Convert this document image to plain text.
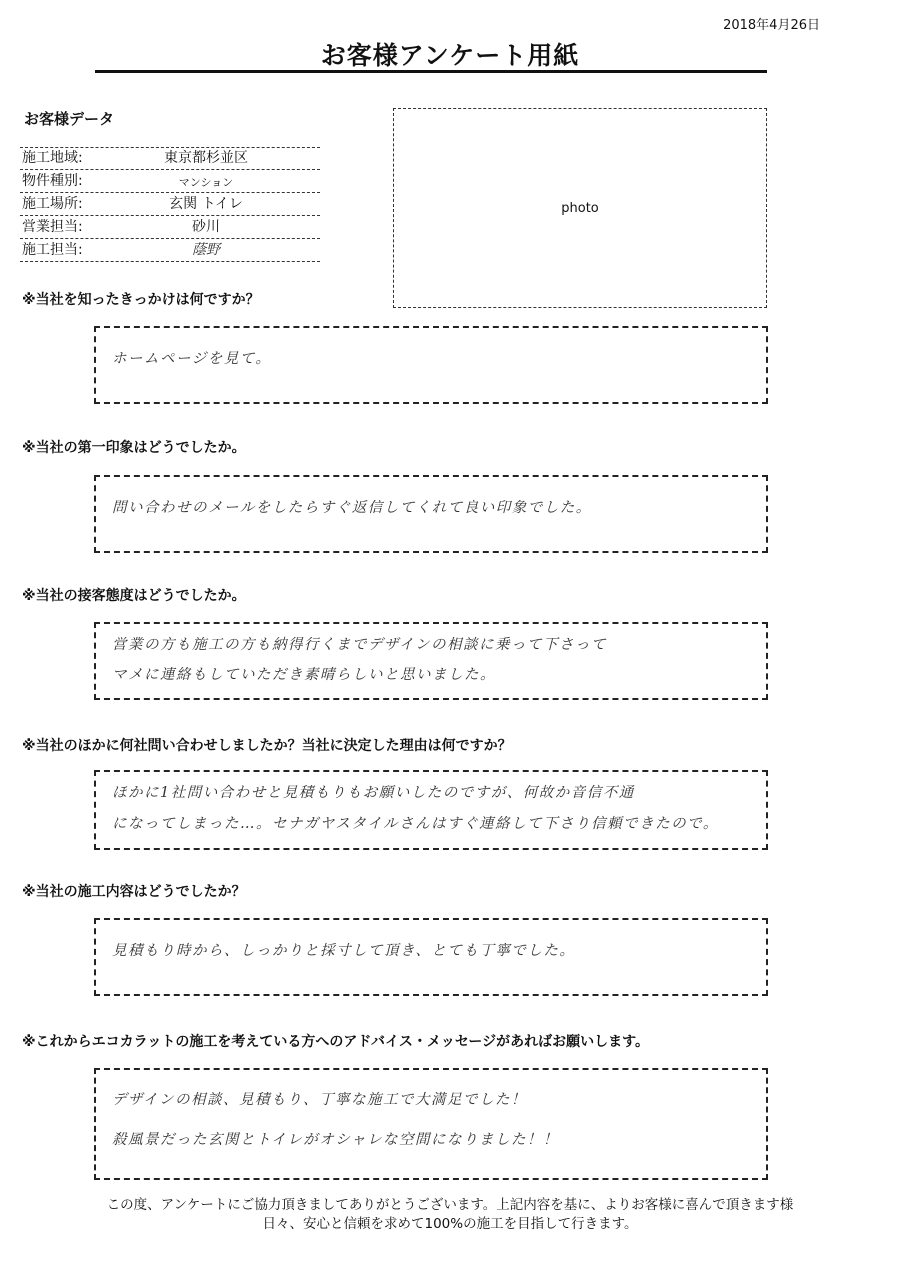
2018年4月26日
お客様アンケート用紙
お客様データ
施工地域:	東京都杉並区
物件種別:	マンション
施工場所:	玄関 トイレ
営業担当:	砂川
施工担当:	蔭野
photo
※当社を知ったきっかけは何ですか？
ホームページを見て。
※当社の第一印象はどうでしたか。
問い合わせのメールをしたらすぐ返信してくれて良い印象でした。
※当社の接客態度はどうでしたか。
営業の方も施工の方も納得行くまでデザインの相談に乗って下さって
マメに連絡もしていただき素晴らしいと思いました。
※当社のほかに何社問い合わせしましたか？当社に決定した理由は何ですか？
ほかに1社問い合わせと見積もりもお願いしたのですが、何故か音信不通
になってしまった…。セナガヤスタイルさんはすぐ連絡して下さり信頼できたので。
※当社の施工内容はどうでしたか？
見積もり時から、しっかりと採寸して頂き、とても丁寧でした。
※これからエコカラットの施工を考えている方へのアドバイス・メッセージがあればお願いします。
デザインの相談、見積もり、丁寧な施工で大満足でした！
殺風景だった玄関とトイレがオシャレな空間になりました！！
この度、アンケートにご協力頂きましてありがとうございます。上記内容を基に、よりお客様に喜んで頂きます様
日々、安心と信頼を求めて100%の施工を目指して行きます。
